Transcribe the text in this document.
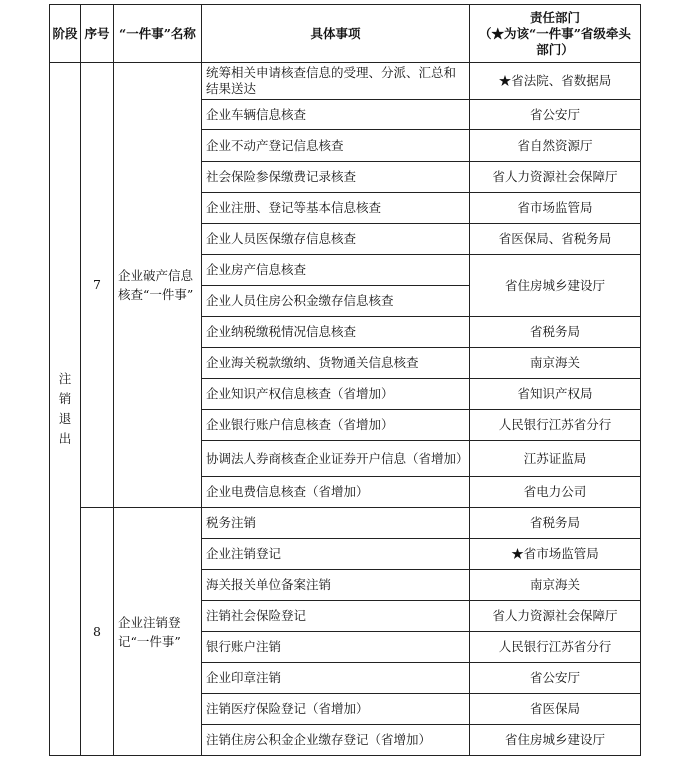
阶段	序号	“一件事”名称	具体事项	责任部门
（★为该“一件事”省级牵头部门）

注销退出	7	企业破产信息核查“一件事”	统筹相关申请核查信息的受理、分派、汇总和结果送达	★省法院、省数据局
			企业车辆信息核查	省公安厅
			企业不动产登记信息核查	省自然资源厅
			社会保险参保缴费记录核查	省人力资源社会保障厅
			企业注册、登记等基本信息核查	省市场监管局
			企业人员医保缴存信息核查	省医保局、省税务局
			企业房产信息核查	省住房城乡建设厅
			企业人员住房公积金缴存信息核查	
			企业纳税缴税情况信息核查	省税务局
			企业海关税款缴纳、货物通关信息核查	南京海关
			企业知识产权信息核查（省增加）	省知识产权局
			企业银行账户信息核查（省增加）	人民银行江苏省分行
			协调法人券商核查企业证券开户信息（省增加）	江苏证监局
			企业电费信息核查（省增加）	省电力公司
	8	企业注销登记“一件事”	税务注销	省税务局
			企业注销登记	★省市场监管局
			海关报关单位备案注销	南京海关
			注销社会保险登记	省人力资源社会保障厅
			银行账户注销	人民银行江苏省分行
			企业印章注销	省公安厅
			注销医疗保险登记（省增加）	省医保局
			注销住房公积金企业缴存登记（省增加）	省住房城乡建设厅
